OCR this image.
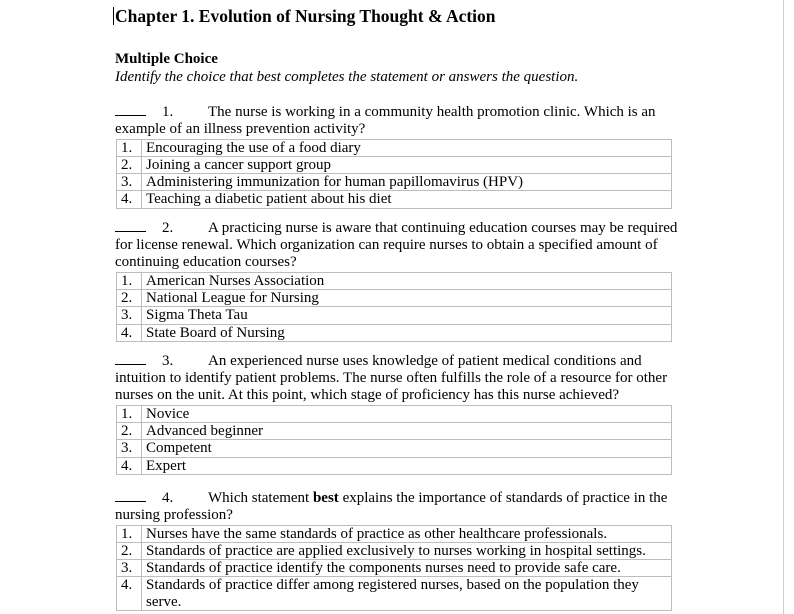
Chapter 1. Evolution of Nursing Thought & Action
Multiple Choice

Identify the choice that best completes the statement or answers the question.

1. The nurse is working in a community health promotion clinic. Which is an example of an illness prevention activity?

1.	Encouraging the use of a food diary
2.	Joining a cancer support group
3.	Administering immunization for human papillomavirus (HPV)
4.	Teaching a diabetic patient about his diet

2. A practicing nurse is aware that continuing education courses may be required for license renewal. Which organization can require nurses to obtain a specified amount of continuing education courses?

1.	American Nurses Association
2.	National League for Nursing
3.	Sigma Theta Tau
4.	State Board of Nursing

3. An experienced nurse uses knowledge of patient medical conditions and intuition to identify patient problems. The nurse often fulfills the role of a resource for other nurses on the unit. At this point, which stage of proficiency has this nurse achieved?

1.	Novice
2.	Advanced beginner
3.	Competent
4.	Expert

4. Which statement best explains the importance of standards of practice in the nursing profession?

1.	Nurses have the same standards of practice as other healthcare professionals.
2.	Standards of practice are applied exclusively to nurses working in hospital settings.
3.	Standards of practice identify the components nurses need to provide safe care.
4.	Standards of practice differ among registered nurses, based on the population they serve.
